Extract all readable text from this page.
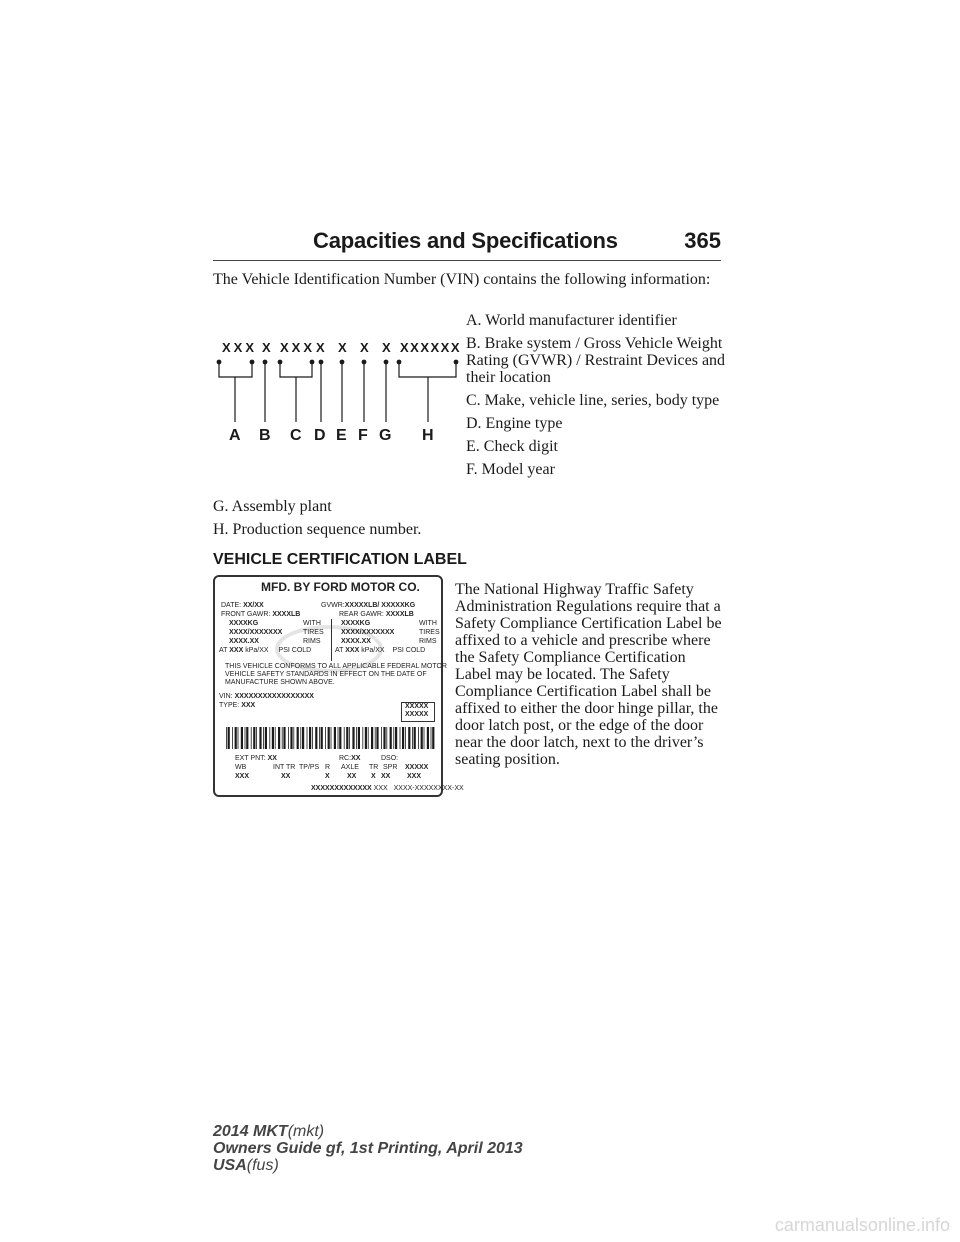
Capacities and Specifications	365
The Vehicle Identification Number (VIN) contains the following information:
XXX X XXX X X X X XXXXXX
A B C D E F G H
A. World manufacturer identifier
B. Brake system / Gross Vehicle Weight Rating (GVWR) / Restraint Devices and their location
C. Make, vehicle line, series, body type
D. Engine type
E. Check digit
F. Model year
G. Assembly plant
H. Production sequence number.
VEHICLE CERTIFICATION LABEL
MFD. BY FORD MOTOR CO.
DATE: XX/XX	GVWR:XXXXXLB/ XXXXXKG
FRONT GAWR: XXXXLB	REAR GAWR: XXXXLB
XXXXKG	WITH	XXXXKG	WITH
XXXX/XXXXXXX	TIRES XXXX/XXXXXXX	TIRES
XXXX.XX	RIMS	XXXX.XX	RIMS
AT XXX kPa/XX PSI COLD	AT XXX kPa/XX PSI COLD
THIS VEHICLE CONFORMS TO ALL APPLICABLE FEDERAL MOTOR
VEHICLE SAFETY STANDARDS IN EFFECT ON THE DATE OF
MANUFACTURE SHOWN ABOVE.
VIN: XXXXXXXXXXXXXXXXX
TYPE: XXX	XXXXX
XXXXX
EXT PNT: XX	RC:XX	DSO:
WB	INT TR TP/PS R AXLE TR SPR XXXXX
XXX	XX	X XX X XX XXX
XXXXXXXXXXXXX XXX XXXX-XXXXXXXX-XX
The National Highway Traffic Safety Administration Regulations require that a Safety Compliance Certification Label be affixed to a vehicle and prescribe where the Safety Compliance Certification Label may be located. The Safety Compliance Certification Label shall be affixed to either the door hinge pillar, the door latch post, or the edge of the door near the door latch, next to the driver’s seating position.
2014 MKT(mkt)
Owners Guide gf, 1st Printing, April 2013
USA(fus)
carmanualsonline.info
